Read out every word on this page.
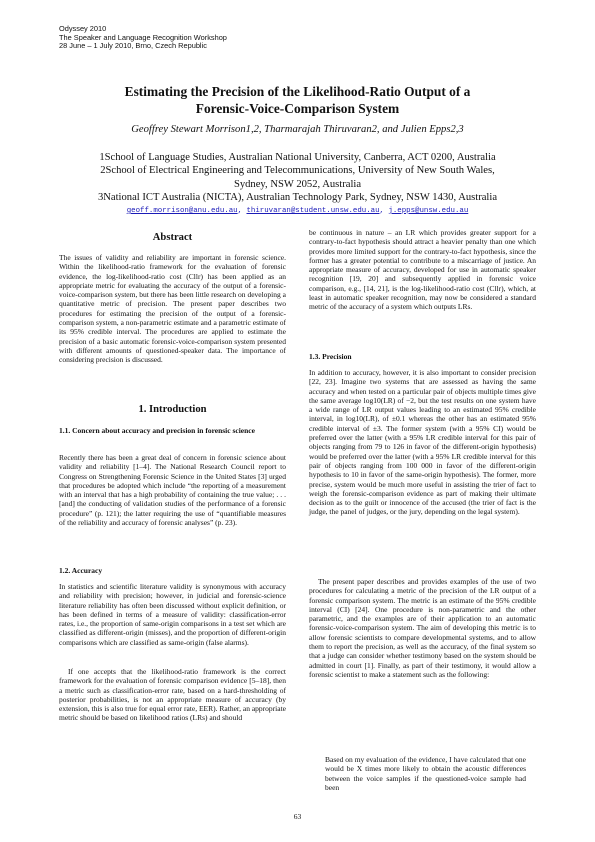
Odyssey 2010
The Speaker and Language Recognition Workshop
28 June – 1 July 2010, Brno, Czech Republic
Estimating the Precision of the Likelihood-Ratio Output of a
Forensic-Voice-Comparison System
Geoffrey Stewart Morrison1,2, Tharmarajah Thiruvaran2, and Julien Epps2,3
1School of Language Studies, Australian National University, Canberra, ACT 0200, Australia
2School of Electrical Engineering and Telecommunications, University of New South Wales,
Sydney, NSW 2052, Australia
3National ICT Australia (NICTA), Australian Technology Park, Sydney, NSW 1430, Australia
geoff.morrison@anu.edu.au, thiruvaran@student.unsw.edu.au, j.epps@unsw.edu.au
Abstract
The issues of validity and reliability are important in forensic science. Within the likelihood-ratio framework for the evaluation of forensic evidence, the log-likelihood-ratio cost (Cllr) has been applied as an appropriate metric for evaluating the accuracy of the output of a forensic-voice-comparison system, but there has been little research on developing a quantitative metric of precision. The present paper describes two procedures for estimating the precision of the output of a forensic-comparison system, a non-parametric estimate and a parametric estimate of its 95% credible interval. The procedures are applied to estimate the precision of a basic automatic forensic-voice-comparison system presented with different amounts of questioned-speaker data. The importance of considering precision is discussed.
1. Introduction
1.1. Concern about accuracy and precision in forensic science
Recently there has been a great deal of concern in forensic science about validity and reliability [1–4]. The National Research Council report to Congress on Strengthening Forensic Science in the United States [3] urged that procedures be adopted which include “the reporting of a measurement with an interval that has a high probability of containing the true value; . . . [and] the conducting of validation studies of the performance of a forensic procedure” (p. 121); the latter requiring the use of “quantifiable measures of the reliability and accuracy of forensic analyses” (p. 23).
1.2. Accuracy
In statistics and scientific literature validity is synonymous with accuracy and reliability with precision; however, in judicial and forensic-science literature reliability has often been discussed without explicit definition, or has been defined in terms of a measure of validity: classification-error rates, i.e., the proportion of same-origin comparisons in a test set which are classified as different-origin (misses), and the proportion of different-origin comparisons which are classified as same-origin (false alarms).
If one accepts that the likelihood-ratio framework is the correct framework for the evaluation of forensic comparison evidence [5–18], then a metric such as classification-error rate, based on a hard-thresholding of posterior probabilities, is not an appropriate measure of accuracy (by extension, this is also true for equal error rate, EER). Rather, an appropriate metric should be based on likelihood ratios (LRs) and should
be continuous in nature – an LR which provides greater support for a contrary-to-fact hypothesis should attract a heavier penalty than one which provides more limited support for the contrary-to-fact hypothesis, since the former has a greater potential to contribute to a miscarriage of justice. An appropriate measure of accuracy, developed for use in automatic speaker recognition [19, 20] and subsequently applied in forensic voice comparison, e.g., [14, 21], is the log-likelihood-ratio cost (Cllr), which, at least in automatic speaker recognition, may now be considered a standard metric of the accuracy of a system which outputs LRs.
1.3. Precision
In addition to accuracy, however, it is also important to consider precision [22, 23]. Imagine two systems that are assessed as having the same accuracy and when tested on a particular pair of objects multiple times give the same average log10(LR) of −2, but the test results on one system have a wide range of LR output values leading to an estimated 95% credible interval, in log10(LR), of ±0.1 whereas the other has an estimated 95% credible interval of ±3. The former system (with a 95% CI) would be preferred over the latter (with a 95% LR credible interval for this pair of objects ranging from 79 to 126 in favor of the different-origin hypothesis) would be preferred over the latter (with a 95% LR credible interval for this pair of objects ranging from 100 000 in favor of the different-origin hypothesis to 10 in favor of the same-origin hypothesis). The former, more precise, system would be much more useful in assisting the trier of fact to weigh the forensic-comparison evidence as part of making their ultimate decision as to the guilt or innocence of the accused (the trier of fact is the judge, the panel of judges, or the jury, depending on the legal system).
The present paper describes and provides examples of the use of two procedures for calculating a metric of the precision of the LR output of a forensic comparison system. The metric is an estimate of the 95% credible interval (CI) [24]. One procedure is non-parametric and the other parametric, and the examples are of their application to an automatic forensic-voice-comparison system. The aim of developing this metric is to allow forensic scientists to compare developmental systems, and to allow them to report the precision, as well as the accuracy, of the final system so that a judge can consider whether testimony based on the system should be admitted in court [1]. Finally, as part of their testimony, it would allow a forensic scientist to make a statement such as the following:
Based on my evaluation of the evidence, I have calculated that one would be X times more likely to obtain the acoustic differences between the voice samples if the questioned-voice sample had been
63
